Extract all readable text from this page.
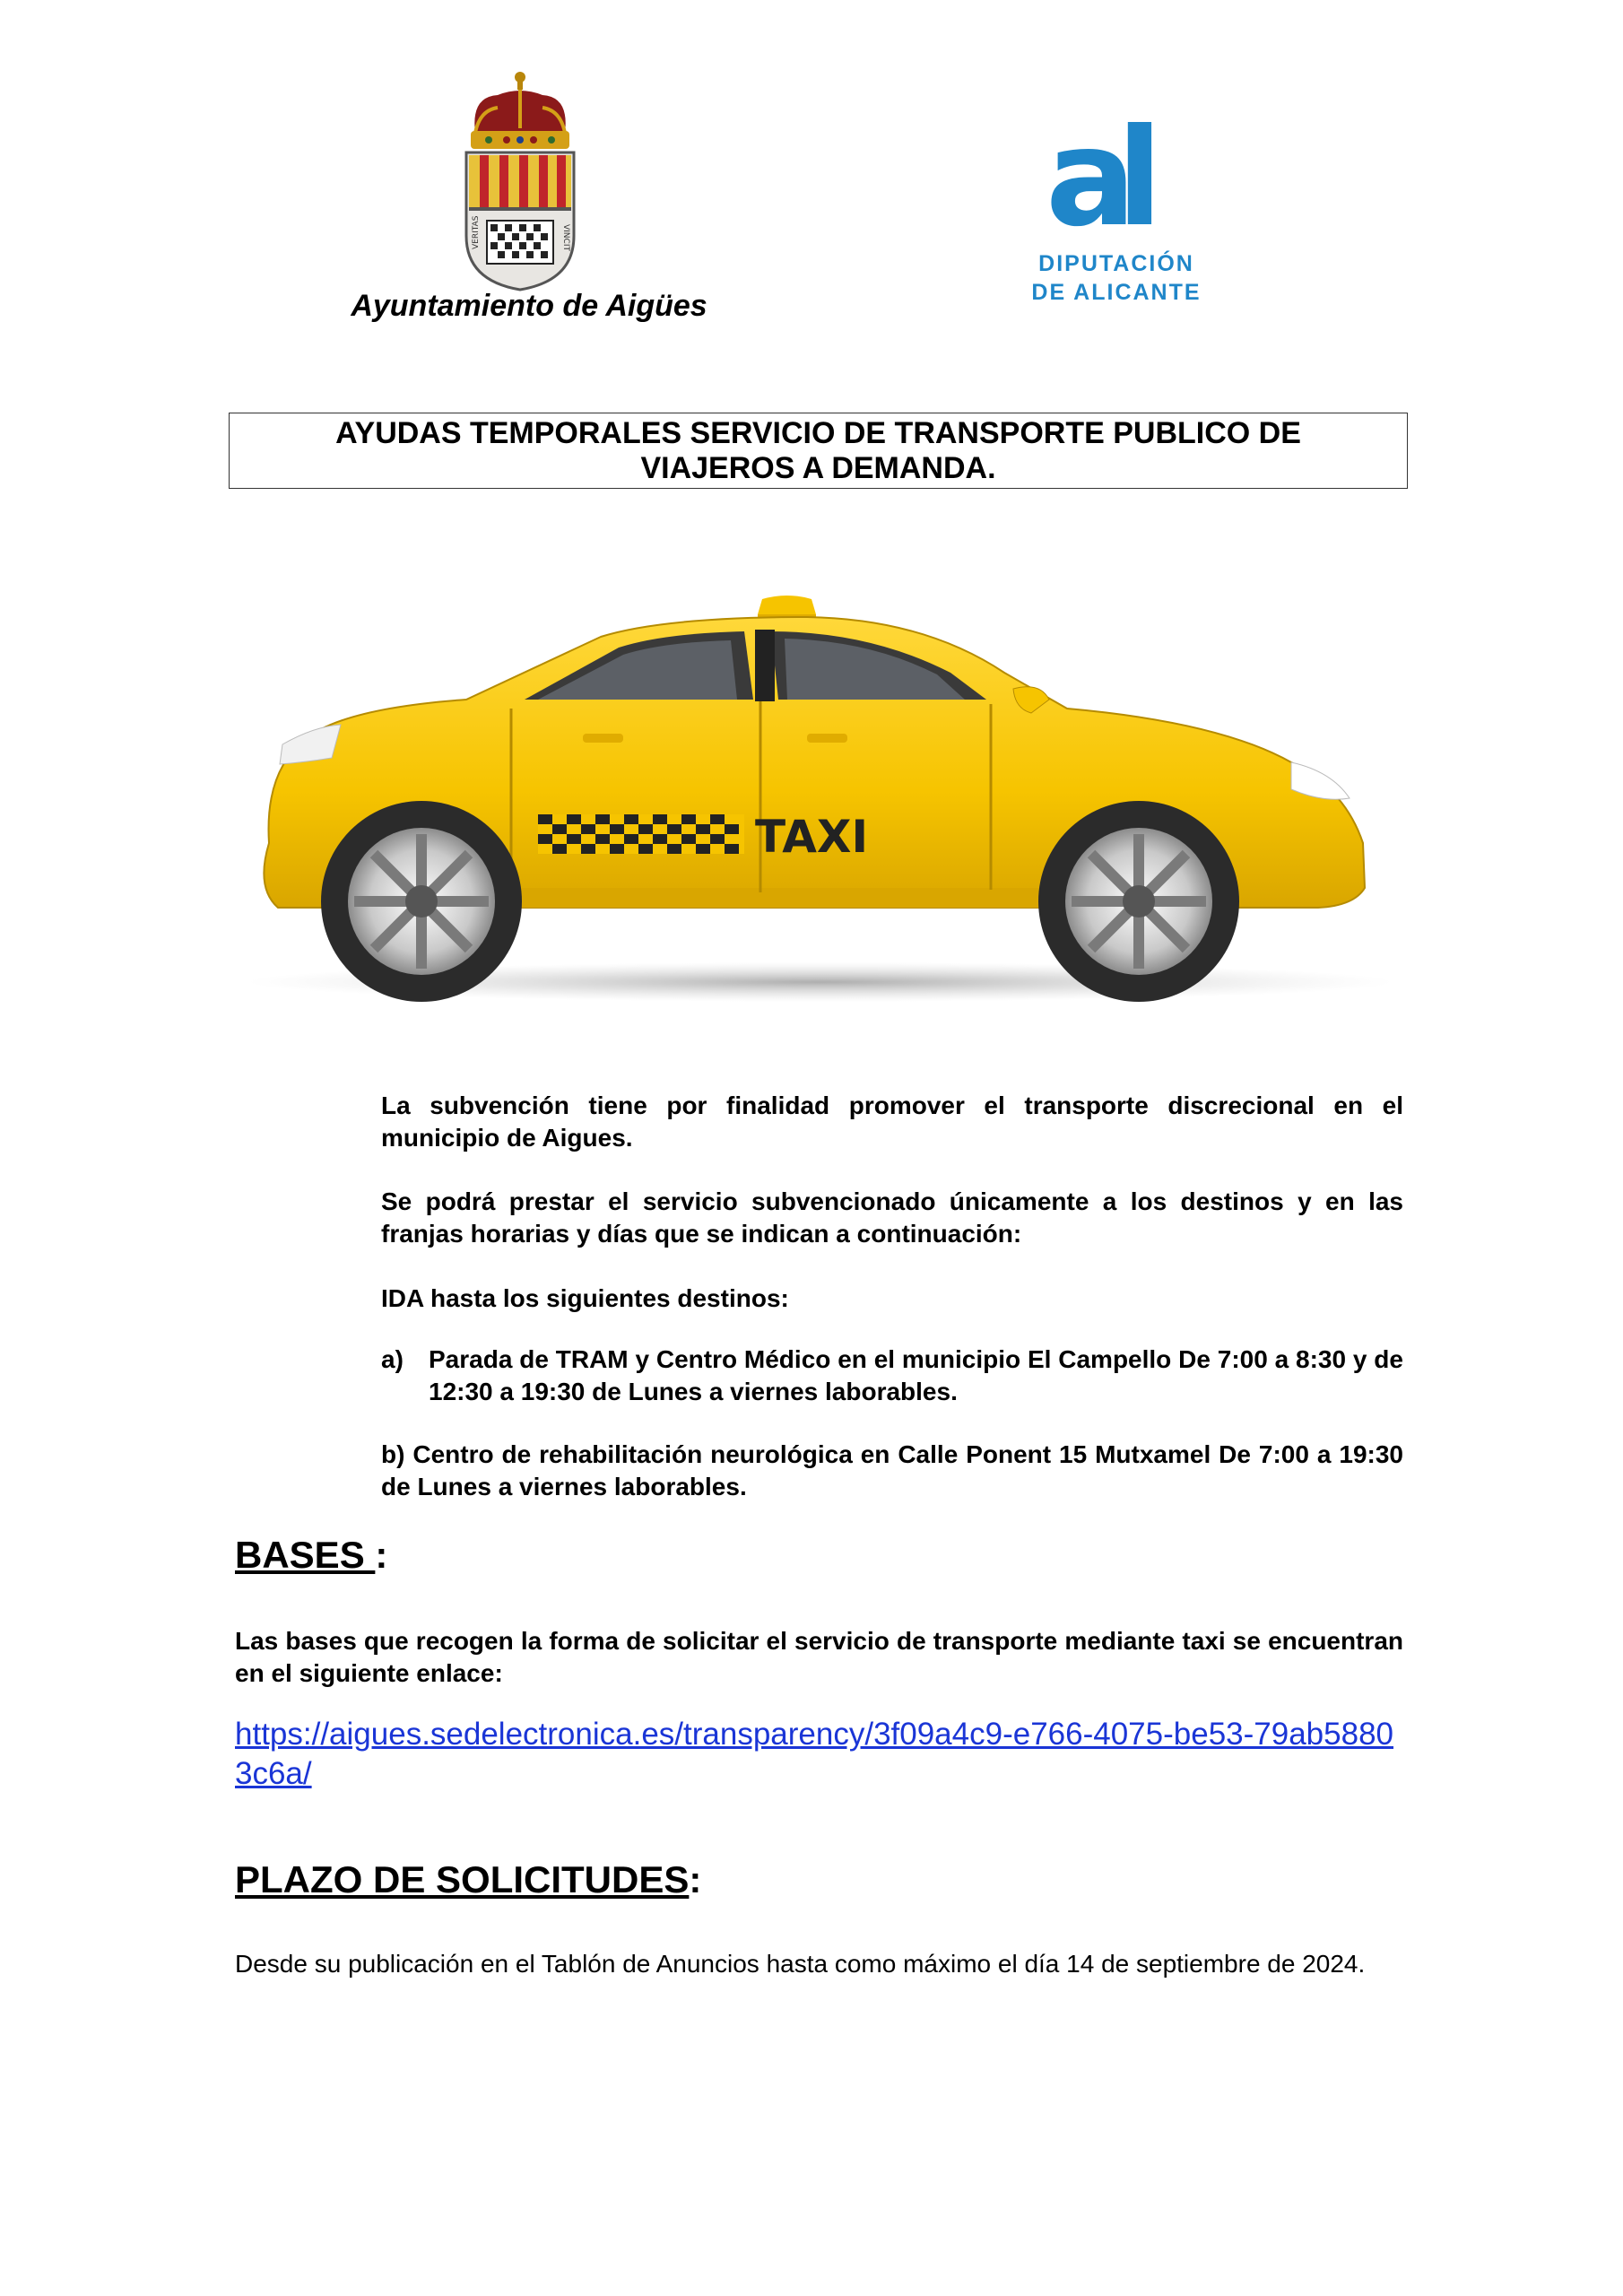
VERITAS	VINCIT
Ayuntamiento de Aigües
al
DIPUTACIÓN
DE ALICANTE
AYUDAS TEMPORALES SERVICIO DE TRANSPORTE PUBLICO DE
VIAJEROS A DEMANDA.
TAXI
La subvención tiene por finalidad promover el transporte discrecional en el municipio de Aigues.
Se podrá prestar el servicio subvencionado únicamente a los destinos y en las franjas horarias y días que se indican a continuación:
IDA hasta los siguientes destinos:
a) Parada de TRAM y Centro Médico en el municipio El Campello De 7:00 a 8:30 y de 12:30 a 19:30 de Lunes a viernes laborables.
b) Centro de rehabilitación neurológica en Calle Ponent 15 Mutxamel De 7:00 a 19:30 de Lunes a viernes laborables.
BASES :
Las bases que recogen la forma de solicitar el servicio de transporte mediante taxi se encuentran en el siguiente enlace:
https://aigues.sedelectronica.es/transparency/3f09a4c9-e766-4075-be53-79ab58803c6a/
PLAZO DE SOLICITUDES:
Desde su publicación en el Tablón de Anuncios hasta como máximo el día 14 de septiembre de 2024.
